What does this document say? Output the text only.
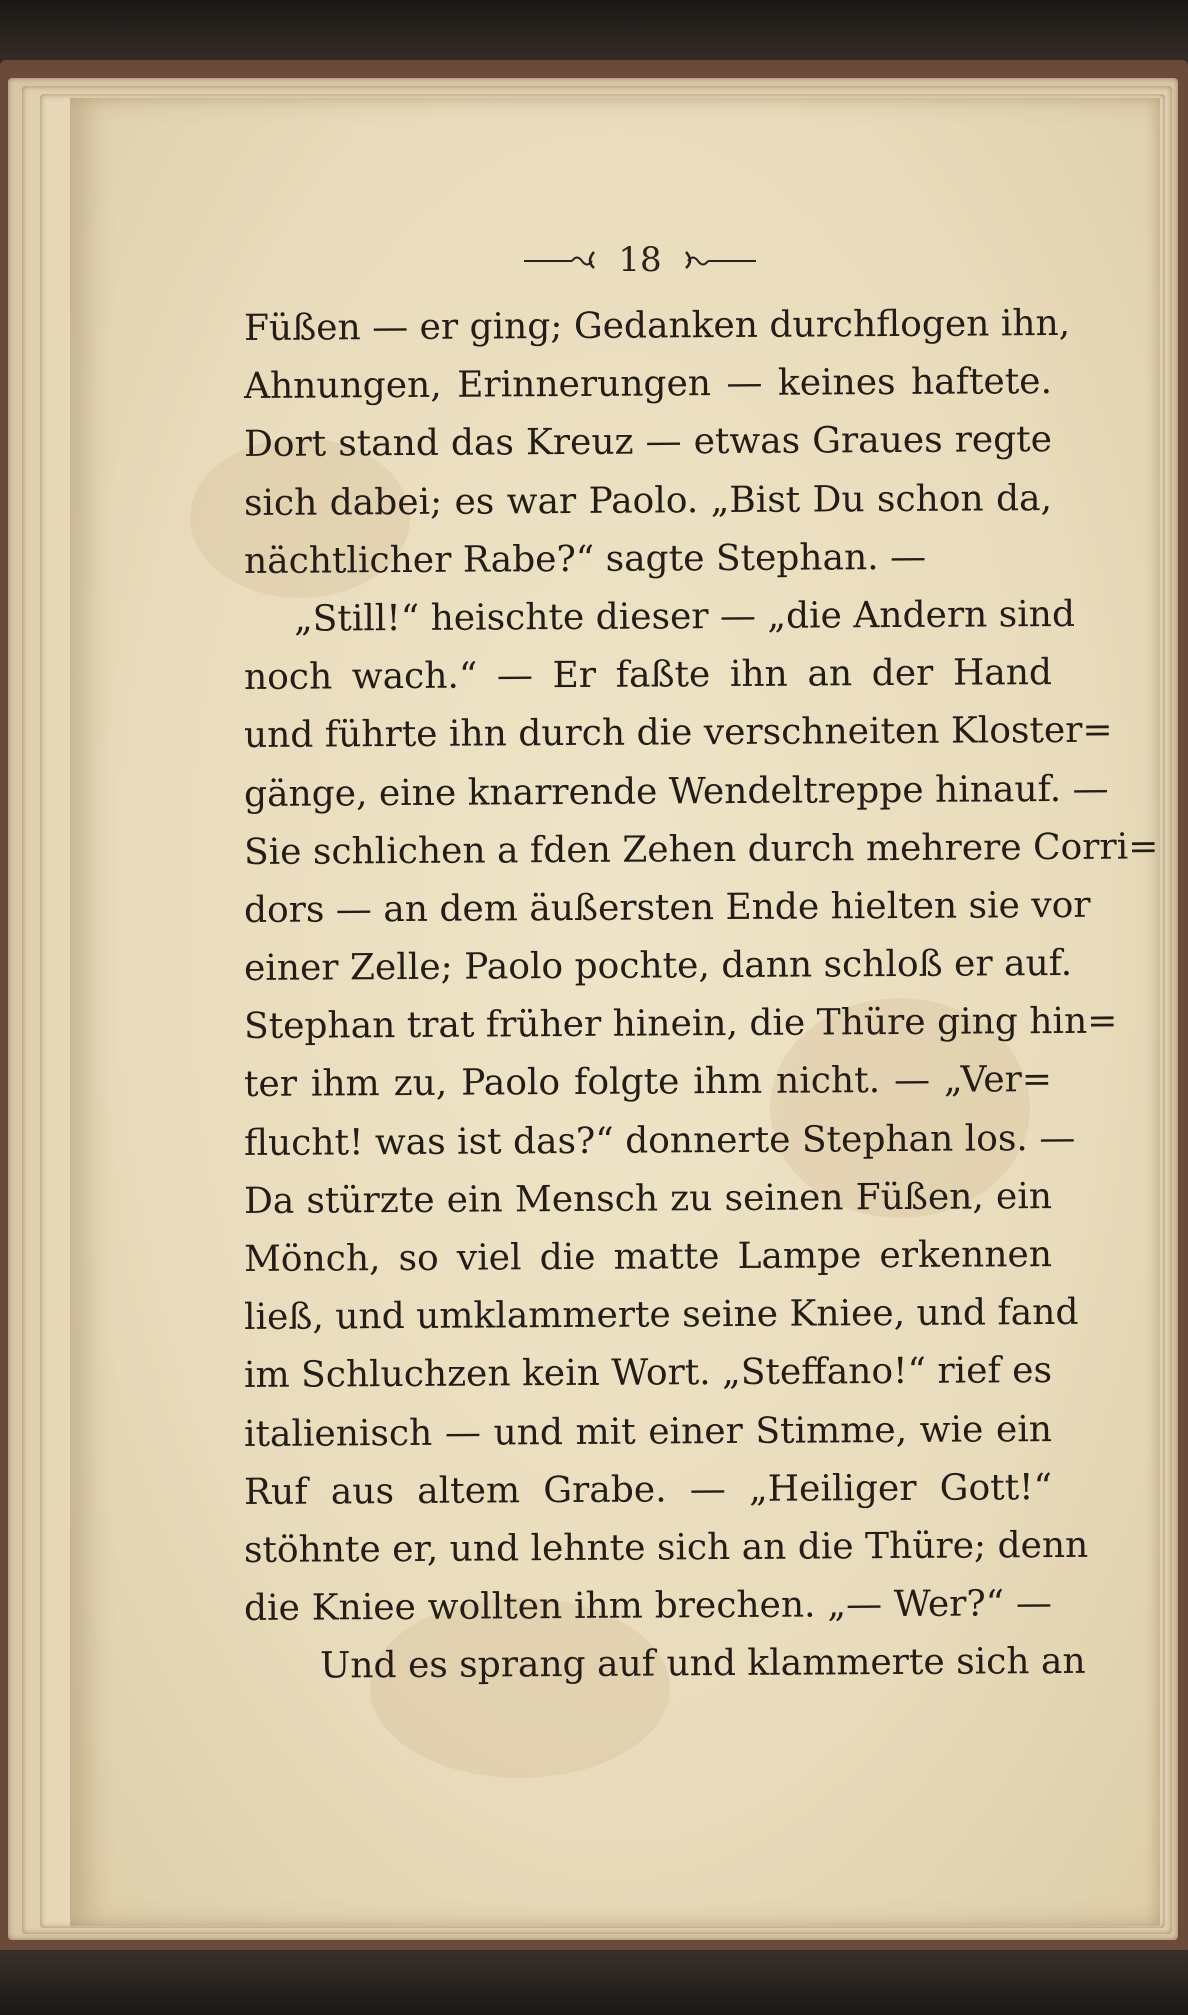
18
Füßen — er ging; Gedanken durchflogen ihn,
Ahnungen, Erinnerungen — keines haftete.
Dort stand das Kreuz — etwas Graues regte
sich dabei; es war Paolo. „Bist Du schon da,
nächtlicher Rabe?“ sagte Stephan. —
„Still!“ heischte dieser — „die Andern sind
noch wach.“ — Er faßte ihn an der Hand
und führte ihn durch die verschneiten Kloster=
gänge, eine knarrende Wendeltreppe hinauf. —
Sie schlichen a fden Zehen durch mehrere Corri=
dors — an dem äußersten Ende hielten sie vor
einer Zelle; Paolo pochte, dann schloß er auf.
Stephan trat früher hinein, die Thüre ging hin=
ter ihm zu, Paolo folgte ihm nicht. — „Ver=
flucht! was ist das?“ donnerte Stephan los. —
Da stürzte ein Mensch zu seinen Füßen, ein
Mönch, so viel die matte Lampe erkennen
ließ, und umklammerte seine Kniee, und fand
im Schluchzen kein Wort. „Steffano!“ rief es
italienisch — und mit einer Stimme, wie ein
Ruf aus altem Grabe. — „Heiliger Gott!“
stöhnte er, und lehnte sich an die Thüre; denn
die Kniee wollten ihm brechen. „— Wer?“ —
Und es sprang auf und klammerte sich an
